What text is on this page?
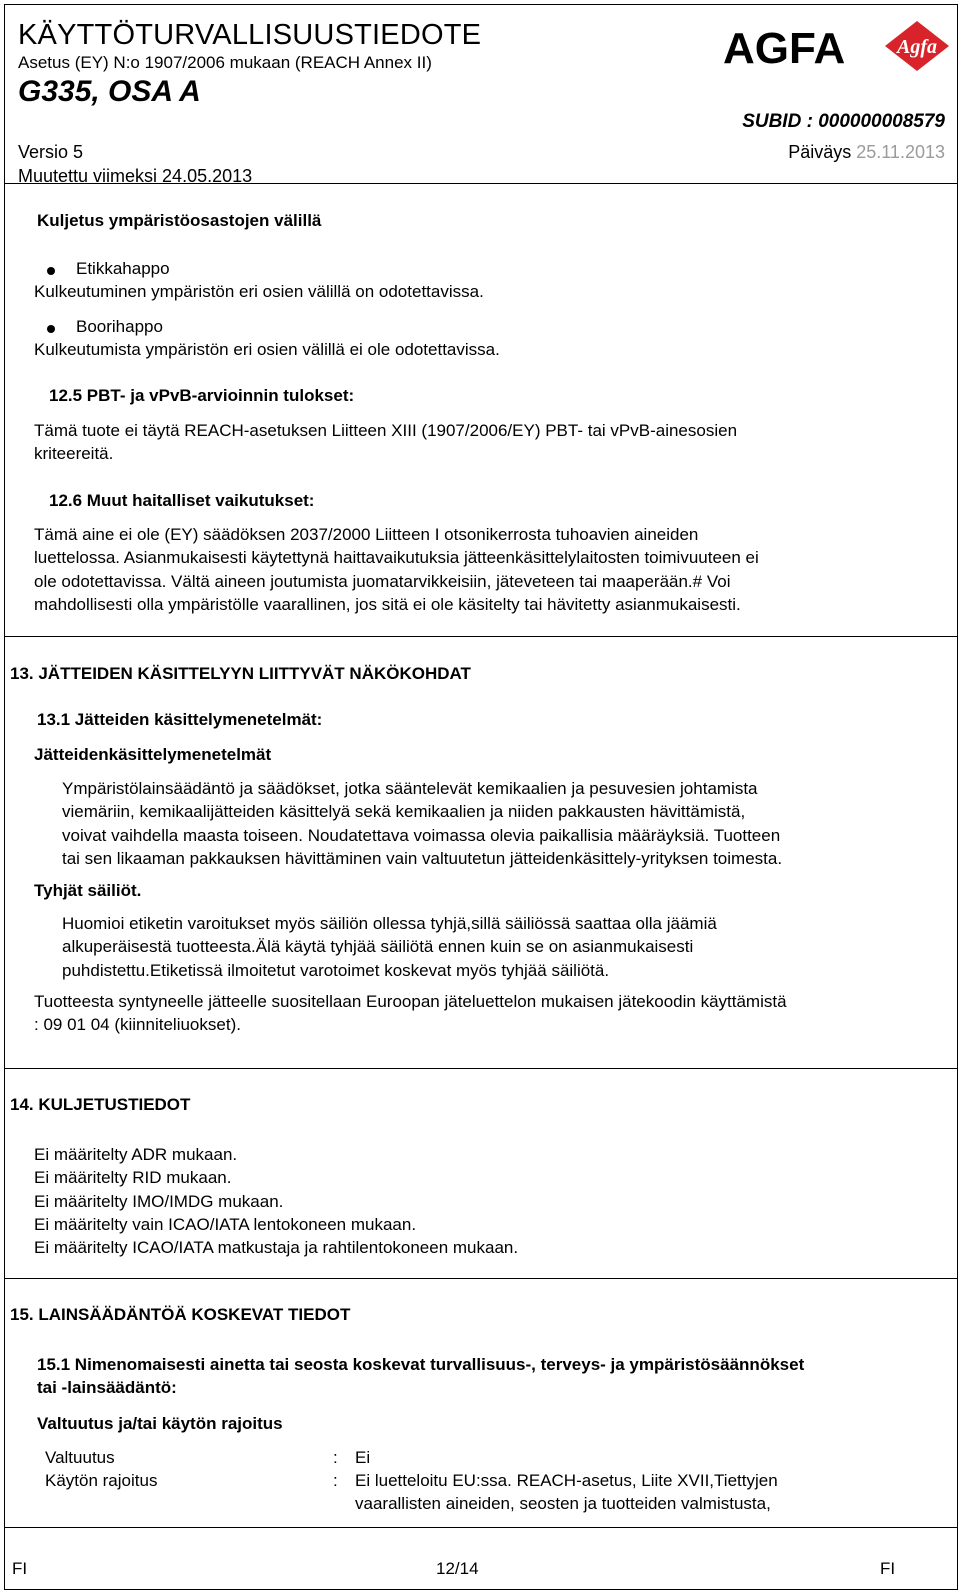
KÄYTTÖTURVALLISUUSTIEDOTE
Asetus (EY) N:o 1907/2006 mukaan (REACH Annex II)
G335, OSA A
AGFA	Agfa
SUBID : 000000008579
Versio 5
Muutettu viimeksi 24.05.2013
Päiväys 25.11.2013
Kuljetus ympäristöosastojen välillä
Etikkahappo
Kulkeutuminen ympäristön eri osien välillä on odotettavissa.
Boorihappo
Kulkeutumista ympäristön eri osien välillä ei ole odotettavissa.
12.5 PBT- ja vPvB-arvioinnin tulokset:
Tämä tuote ei täytä REACH-asetuksen Liitteen XIII (1907/2006/EY) PBT- tai vPvB-ainesosien
kriteereitä.
12.6 Muut haitalliset vaikutukset:
Tämä aine ei ole (EY) säädöksen 2037/2000 Liitteen I otsonikerrosta tuhoavien aineiden
luettelossa. Asianmukaisesti käytettynä haittavaikutuksia jätteenkäsittelylaitosten toimivuuteen ei
ole odotettavissa. Vältä aineen joutumista juomatarvikkeisiin, jäteveteen tai maaperään.# Voi
mahdollisesti olla ympäristölle vaarallinen, jos sitä ei ole käsitelty tai hävitetty asianmukaisesti.
13. JÄTTEIDEN KÄSITTELYYN LIITTYVÄT NÄKÖKOHDAT
13.1 Jätteiden käsittelymenetelmät:
Jätteidenkäsittelymenetelmät
Ympäristölainsäädäntö ja säädökset, jotka sääntelevät kemikaalien ja pesuvesien johtamista
viemäriin, kemikaalijätteiden käsittelyä sekä kemikaalien ja niiden pakkausten hävittämistä,
voivat vaihdella maasta toiseen. Noudatettava voimassa olevia paikallisia määräyksiä. Tuotteen
tai sen likaaman pakkauksen hävittäminen vain valtuutetun jätteidenkäsittely-yrityksen toimesta.
Tyhjät säiliöt.
Huomioi etiketin varoitukset myös säiliön ollessa tyhjä,sillä säiliössä saattaa olla jäämiä
alkuperäisestä tuotteesta.Älä käytä tyhjää säiliötä ennen kuin se on asianmukaisesti
puhdistettu.Etiketissä ilmoitetut varotoimet koskevat myös tyhjää säiliötä.
Tuotteesta syntyneelle jätteelle suositellaan Euroopan jäteluettelon mukaisen jätekoodin käyttämistä
: 09 01 04 (kiinniteliuokset).
14. KULJETUSTIEDOT
Ei määritelty ADR mukaan.
Ei määritelty RID mukaan.
Ei määritelty IMO/IMDG mukaan.
Ei määritelty vain ICAO/IATA lentokoneen mukaan.
Ei määritelty ICAO/IATA matkustaja ja rahtilentokoneen mukaan.
15. LAINSÄÄDÄNTÖÄ KOSKEVAT TIEDOT
15.1 Nimenomaisesti ainetta tai seosta koskevat turvallisuus-, terveys- ja ympäristösäännökset
tai -lainsäädäntö:
Valtuutus ja/tai käytön rajoitus
Valtuutus	: Ei
Käytön rajoitus	: Ei luetteloitu EU:ssa. REACH-asetus, Liite XVII,Tiettyjen
vaarallisten aineiden, seosten ja tuotteiden valmistusta,
FI	12/14	FI
